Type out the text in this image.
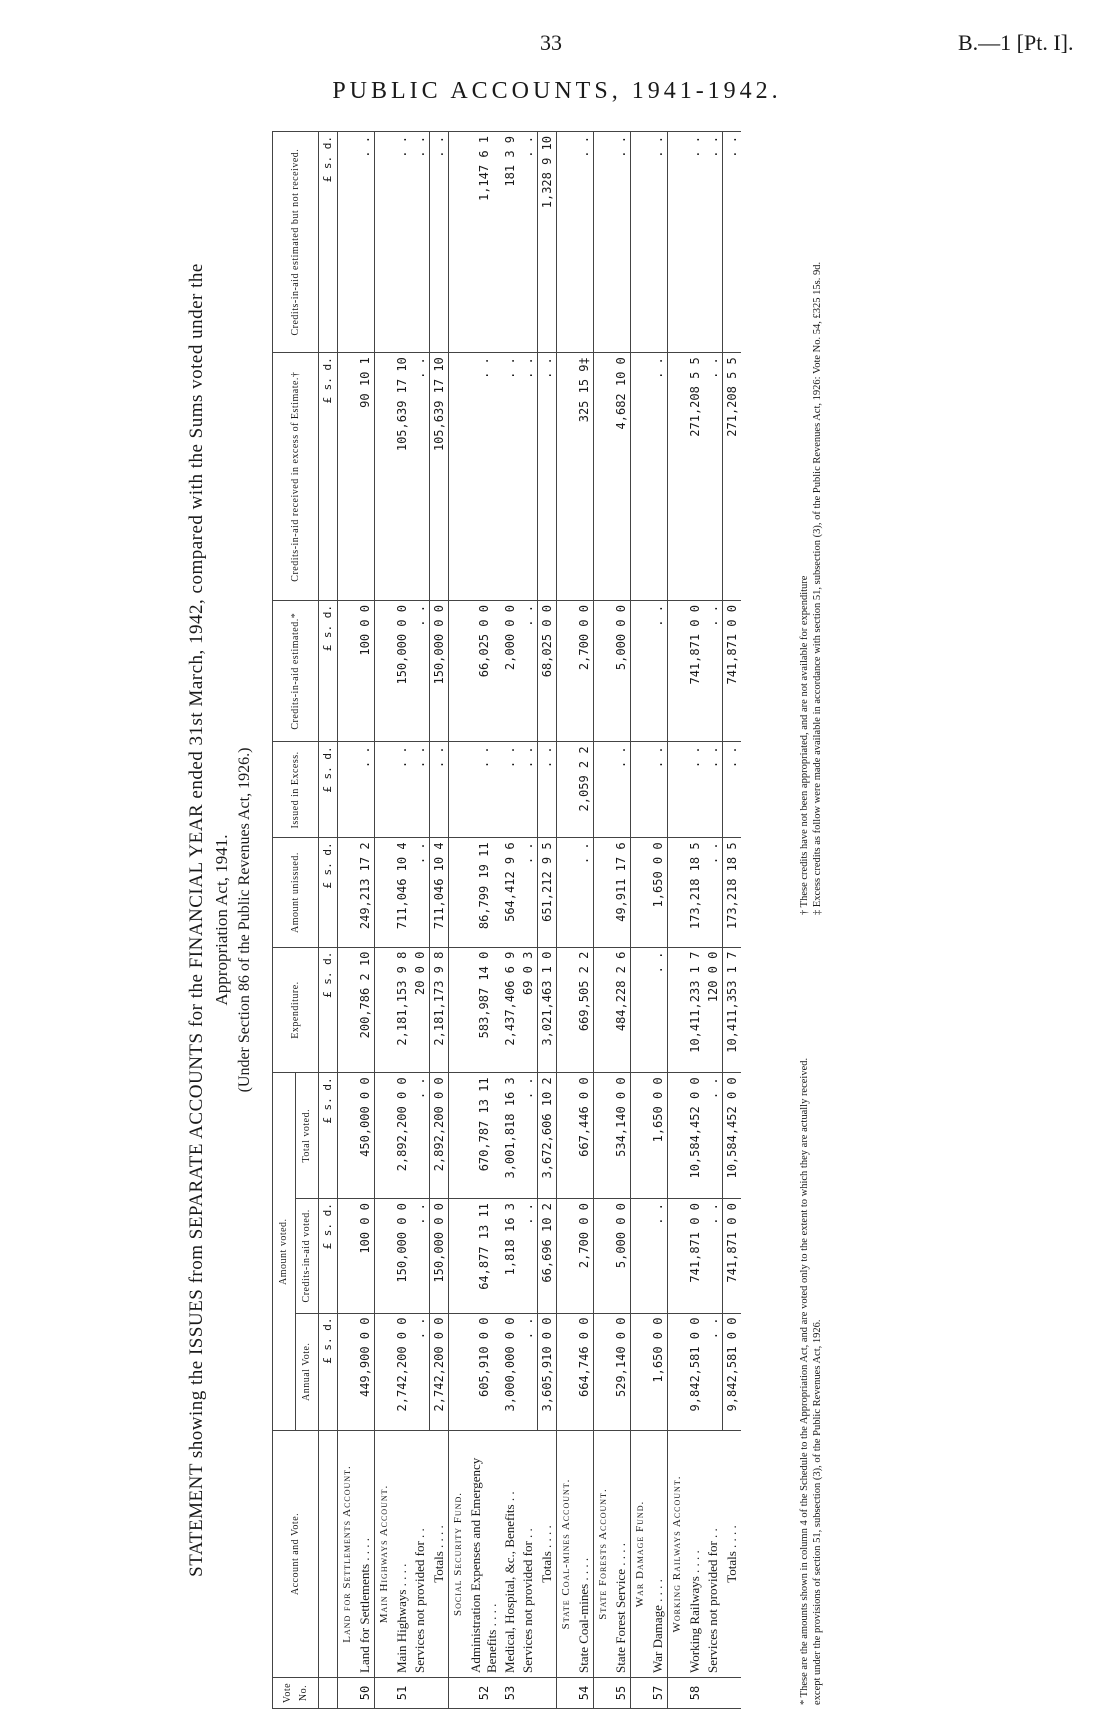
33	B.—1 [Pt. I].
PUBLIC ACCOUNTS, 1941-1942.
STATEMENT showing the ISSUES from SEPARATE ACCOUNTS for the FINANCIAL YEAR ended 31st March, 1942, compared with the Sums voted under the Appropriation Act, 1941. (Under Section 86 of the Public Revenues Act, 1926.)
Vote No.	Account and Vote.	Amount voted.			Expenditure.	Amount unissued.	Issued in Excess.	Credits-in-aid estimated.*	Credits-in-aid received in excess of Estimate.†	Credits-in-aid estimated but not received.
		Annual Vote.	Credits-in-aid voted.	Total voted.						
		£ s. d.	£ s. d.	£ s. d.	£ s. d.	£ s. d.	£ s. d.	£ s. d.	£ s. d.	£ s. d.
	Land for Settlements Account.									
50	Land for Settlements . . . .	449,900 0 0	100 0 0	450,000 0 0	200,786 2 10	249,213 17 2	. .	100 0 0	90 10 1	. .
	Main Highways Account.									
51	Main Highways . . . .	2,742,200 0 0	150,000 0 0	2,892,200 0 0	2,181,153 9 8	711,046 10 4	. .	150,000 0 0	105,639 17 10	. .
	Services not provided for . .	. .	. .	. .	20 0 0	. .	. .	. .	. .	. .
	Totals . . . .	2,742,200 0 0	150,000 0 0	2,892,200 0 0	2,181,173 9 8	711,046 10 4	. .	150,000 0 0	105,639 17 10	. .
	Social Security Fund.									
52	Administration Expenses and Emergency Benefits . . . .	605,910 0 0	64,877 13 11	670,787 13 11	583,987 14 0	86,799 19 11	. .	66,025 0 0	. .	1,147 6 1
53	Medical, Hospital, &c., Benefits . .	3,000,000 0 0	1,818 16 3	3,001,818 16 3	2,437,406 6 9	564,412 9 6	. .	2,000 0 0	. .	181 3 9
	Services not provided for . .	. .	. .	. .	69 0 3	. .	. .	. .	. .	. .
	Totals . . . .	3,605,910 0 0	66,696 10 2	3,672,606 10 2	3,021,463 1 0	651,212 9 5	. .	68,025 0 0	. .	1,328 9 10
	State Coal-mines Account.									
54	State Coal-mines . . . .	664,746 0 0	2,700 0 0	667,446 0 0	669,505 2 2	. .	2,059 2 2	2,700 0 0	325 15 9‡	. .
	State Forests Account.									
55	State Forest Service . . . .	529,140 0 0	5,000 0 0	534,140 0 0	484,228 2 6	49,911 17 6	. .	5,000 0 0	4,682 10 0	. .
	War Damage Fund.									
57	War Damage . . . .	1,650 0 0	. .	1,650 0 0	. .	1,650 0 0	. .	. .	. .	. .
	Working Railways Account.									
58	Working Railways . . . .	9,842,581 0 0	741,871 0 0	10,584,452 0 0	10,411,233 1 7	173,218 18 5	. .	741,871 0 0	271,208 5 5	. .
	Services not provided for . .	. .	. .	. .	120 0 0	. .	. .	. .	. .	. .
	Totals . . . .	9,842,581 0 0	741,871 0 0	10,584,452 0 0	10,411,353 1 7	173,218 18 5	. .	741,871 0 0	271,208 5 5	. .
* These are the amounts shown in column 4 of the Schedule to the Appropriation Act, and are voted only to the extent to which they are actually received. except under the provisions of section 51, subsection (3), of the Public Revenues Act, 1926.
† These credits have not been appropriated, and are not available for expenditure ‡ Excess credits as follow were made available in accordance with section 51, subsection (3), of the Public Revenues Act, 1926: Vote No. 54, £325 15s. 9d.
